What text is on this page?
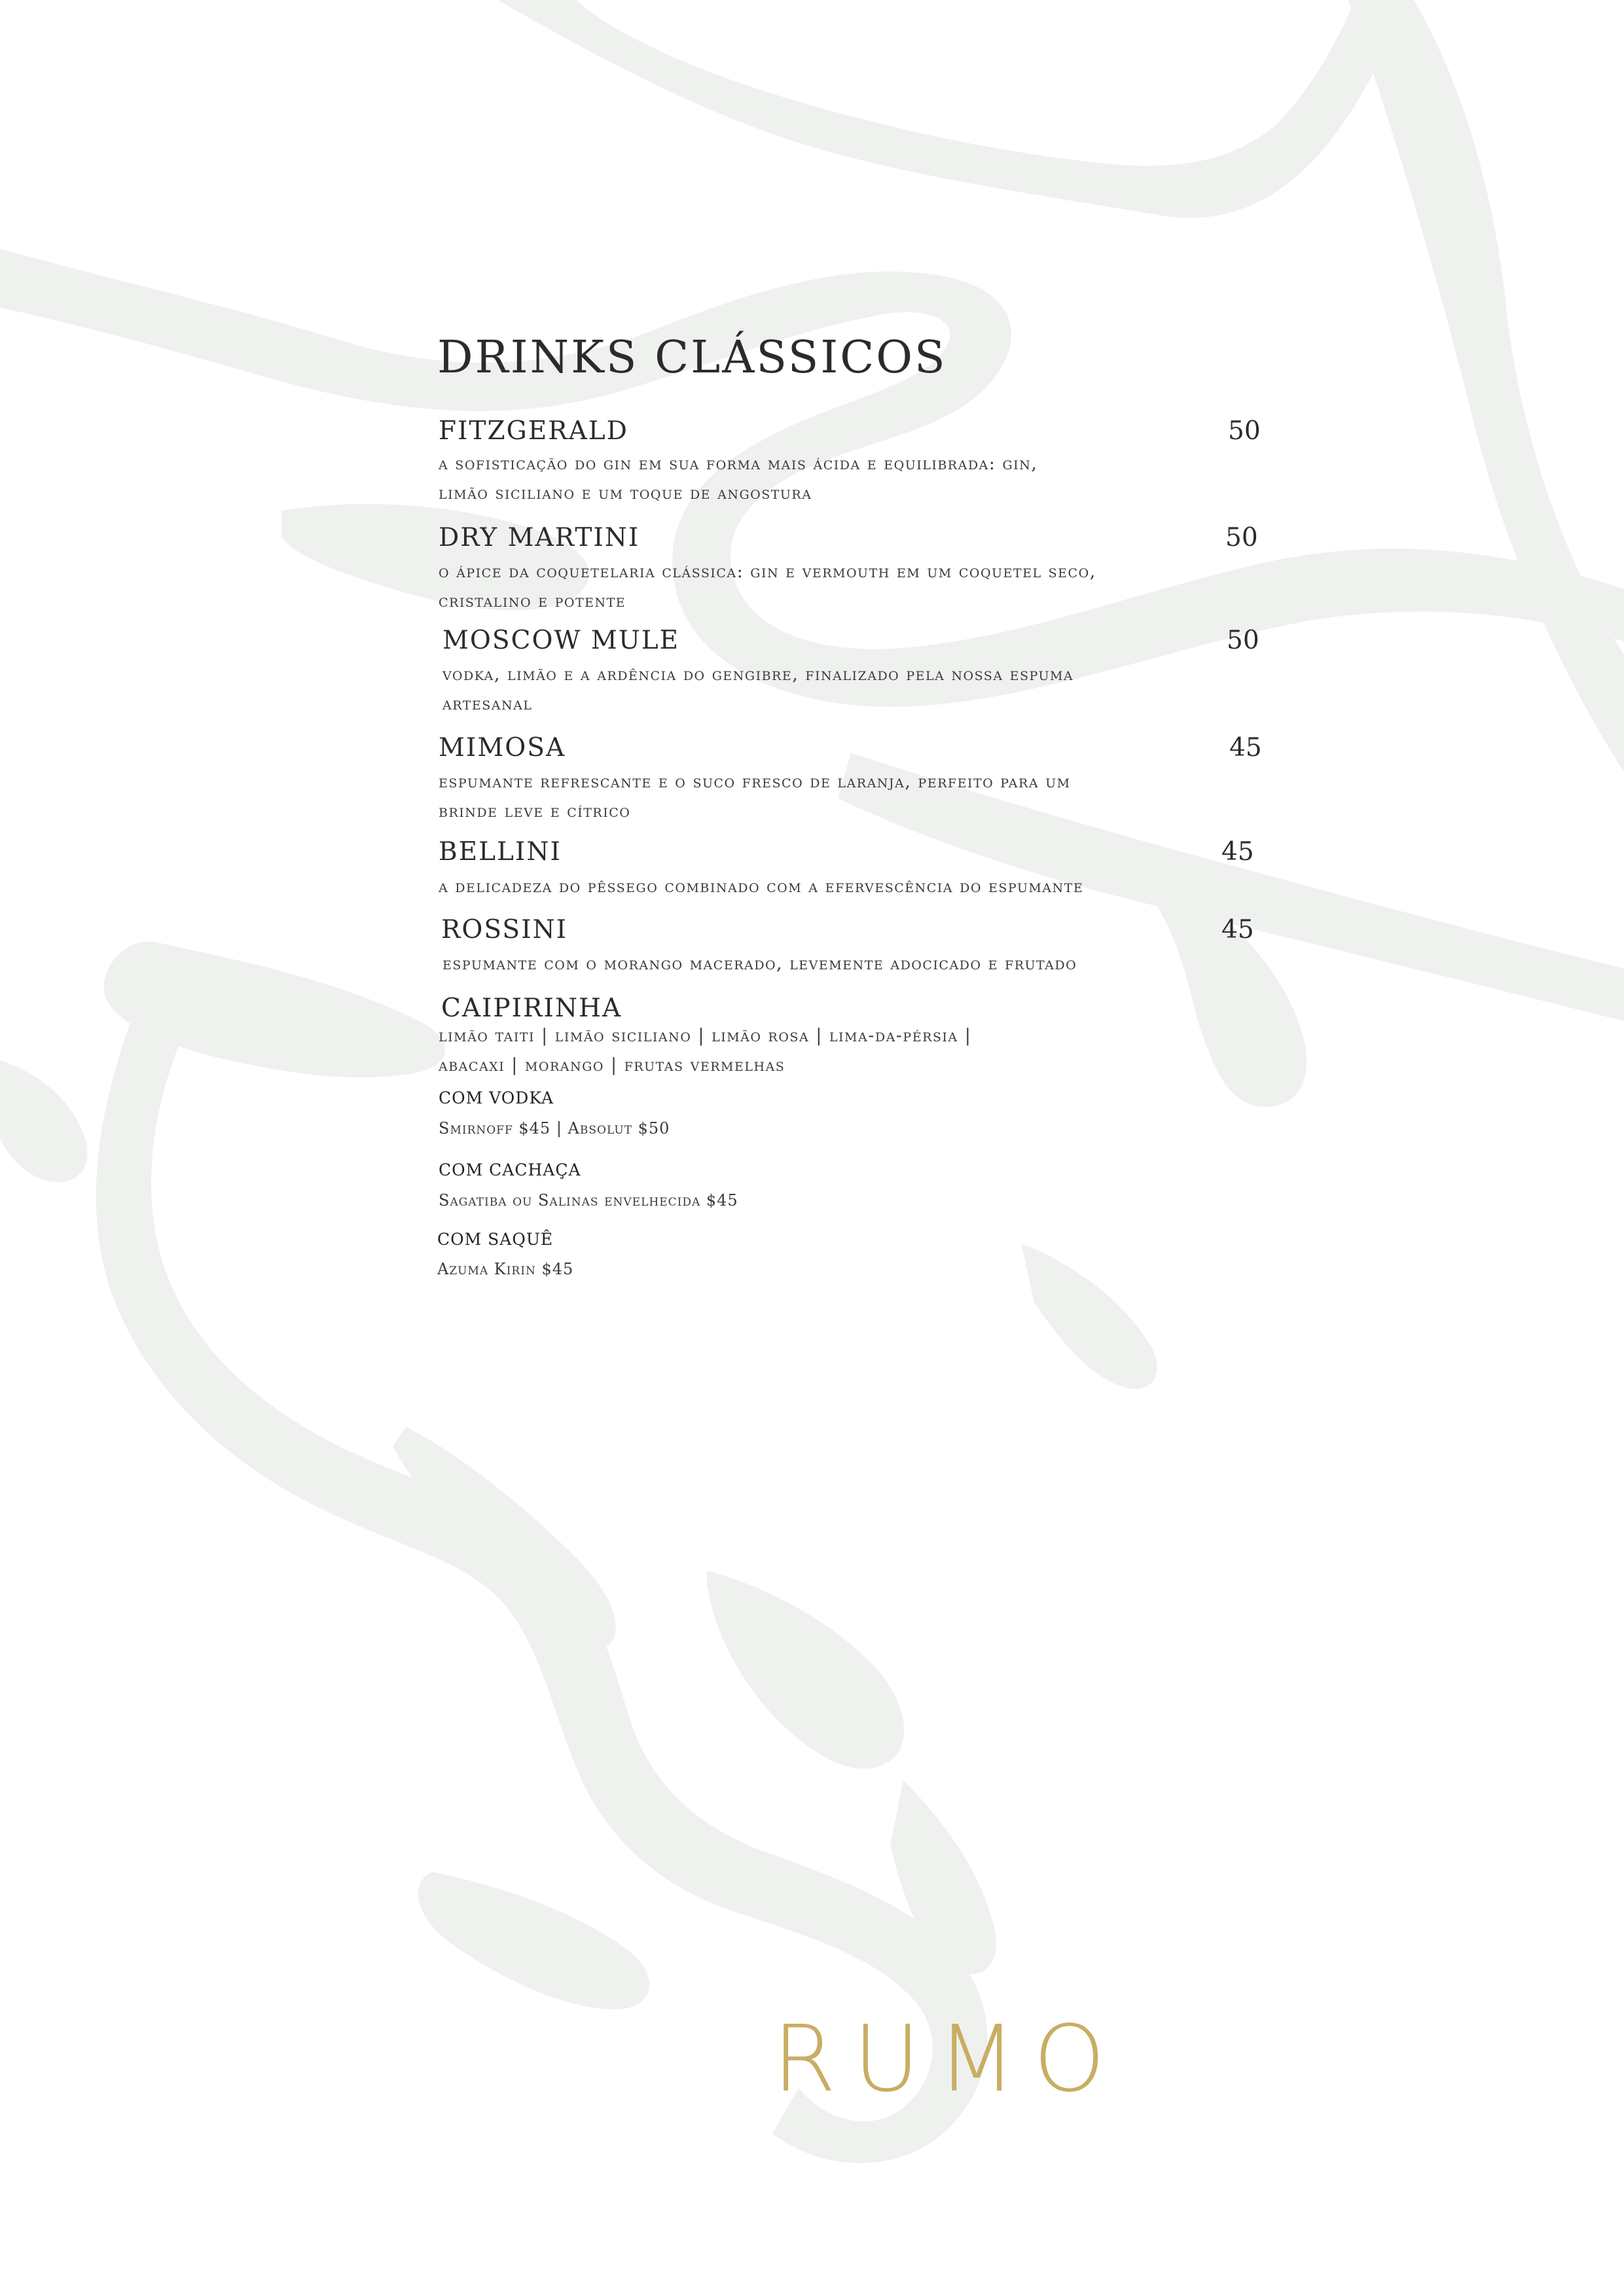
DRINKS CLÁSSICOS
FITZGERALD	50

a sofisticação do gin em sua forma mais ácida e equilibrada: gin, limão siciliano e um toque de angostura

DRY MARTINI	50

o ápice da coquetelaria clássica: gin e vermouth em um coquetel seco, cristalino e potente

MOSCOW MULE	50

vodka, limão e a ardência do gengibre, finalizado pela nossa espuma artesanal

MIMOSA	45

espumante refrescante e o suco fresco de laranja, perfeito para um brinde leve e cítrico

BELLINI	45

a delicadeza do pêssego combinado com a efervescência do espumante

ROSSINI	45

espumante com o morango macerado, levemente adocicado e frutado

CAIPIRINHA

limão taiti | limão siciliano | limão rosa | lima-da-pérsia | abacaxi | morango | frutas vermelhas

COM VODKA
Smirnoff $45 | Absolut $50
COM CACHAÇA
Sagatiba ou Salinas envelhecida $45
COM SAQUÊ
Azuma Kirin $45
RUMO
